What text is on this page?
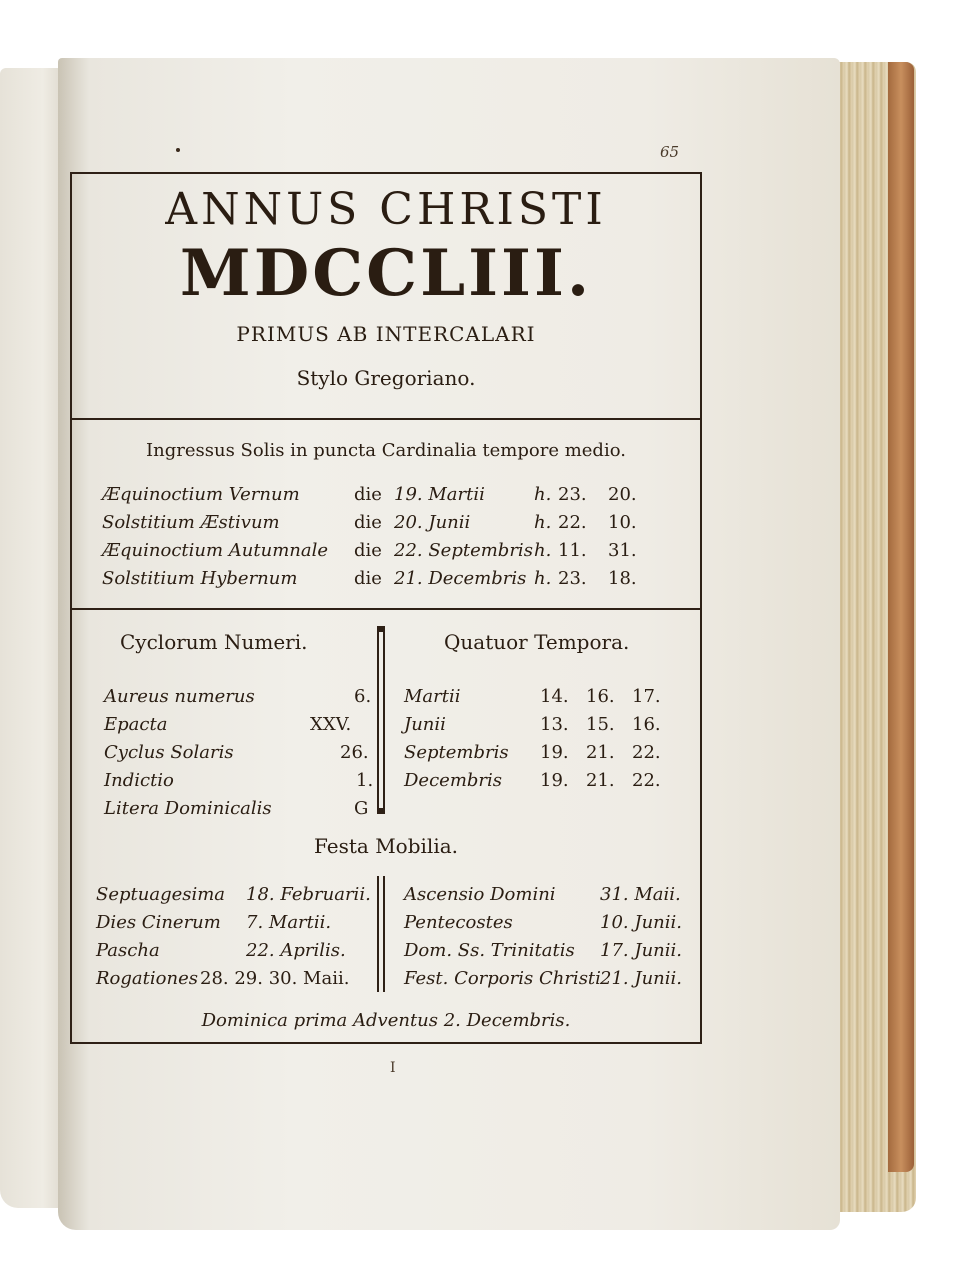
65
ANNUS CHRISTI
MDCCLIII.
PRIMUS AB INTERCALARI
Stylo Gregoriano.
Ingressus Solis in puncta Cardinalia tempore medio.
Æquinoctium Vernum	die 19. Martii	h. 23. 20.
Solstitium Æstivum	die 20. Junii	h. 22. 10.
Æquinoctium Autumnale die 22. Septembris h. 11. 31.
Solstitium Hybernum	die 21. Decembris h. 23. 18.
Cyclorum Numeri.	Quatuor Tempora.
Aureus numerus	6.
Epacta	XXV.
Cyclus Solaris	26.
Indictio	1.
Litera Dominicalis	G
Martii	14. 16. 17.
Junii	13. 15. 16.
Septembris 19. 21. 22.
Decembris 19. 21. 22.
Festa Mobilia.
Septuagesima 18. Februarii.
Dies Cinerum 7. Martii.
Pascha	22. Aprilis.
Rogationes 28. 29. 30. Maii.
Ascensio Domini 31. Maii.
Pentecostes	10. Junii.
Dom. Ss. Trinitatis 17. Junii.
Fest. Corporis Christi 21. Junii.
Dominica prima Adventus 2. Decembris.
I
